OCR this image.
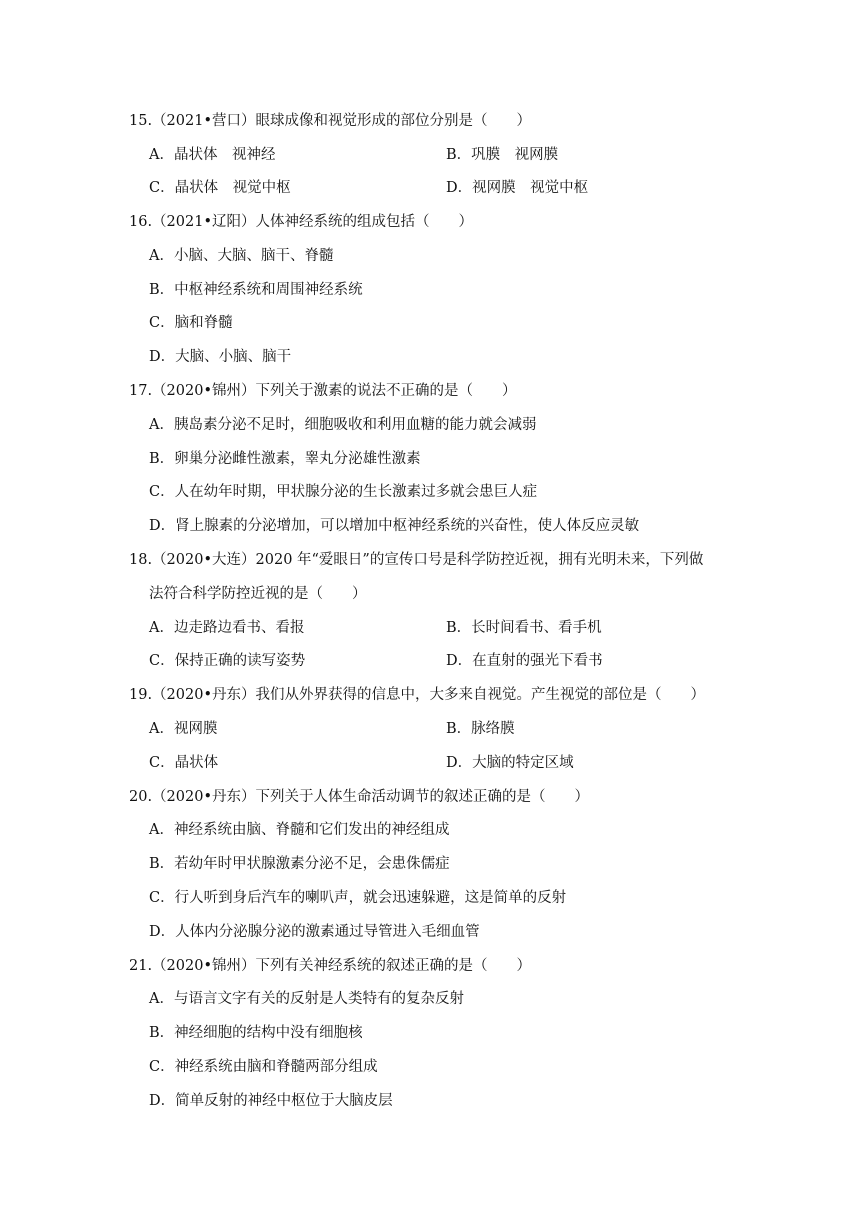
15.（2021•营口）眼球成像和视觉形成的部位分别是（　　）
A．晶状体　视神经	B．巩膜　视网膜
C．晶状体　视觉中枢	D．视网膜　视觉中枢
16.（2021•辽阳）人体神经系统的组成包括（　　）
A．小脑、大脑、脑干、脊髓
B．中枢神经系统和周围神经系统
C．脑和脊髓
D．大脑、小脑、脑干
17.（2020•锦州）下列关于激素的说法不正确的是（　　）
A．胰岛素分泌不足时，细胞吸收和利用血糖的能力就会减弱
B．卵巢分泌雌性激素，睾丸分泌雄性激素
C．人在幼年时期，甲状腺分泌的生长激素过多就会患巨人症
D．肾上腺素的分泌增加，可以增加中枢神经系统的兴奋性，使人体反应灵敏
18.（2020•大连）2020 年“爱眼日”的宣传口号是科学防控近视，拥有光明未来，下列做
法符合科学防控近视的是（　　）
A．边走路边看书、看报	B．长时间看书、看手机
C．保持正确的读写姿势	D．在直射的强光下看书
19.（2020•丹东）我们从外界获得的信息中，大多来自视觉。产生视觉的部位是（　　）
A．视网膜	B．脉络膜
C．晶状体	D．大脑的特定区域
20.（2020•丹东）下列关于人体生命活动调节的叙述正确的是（　　）
A．神经系统由脑、脊髓和它们发出的神经组成
B．若幼年时甲状腺激素分泌不足，会患侏儒症
C．行人听到身后汽车的喇叭声，就会迅速躲避，这是简单的反射
D．人体内分泌腺分泌的激素通过导管进入毛细血管
21.（2020•锦州）下列有关神经系统的叙述正确的是（　　）
A．与语言文字有关的反射是人类特有的复杂反射
B．神经细胞的结构中没有细胞核
C．神经系统由脑和脊髓两部分组成
D．简单反射的神经中枢位于大脑皮层
